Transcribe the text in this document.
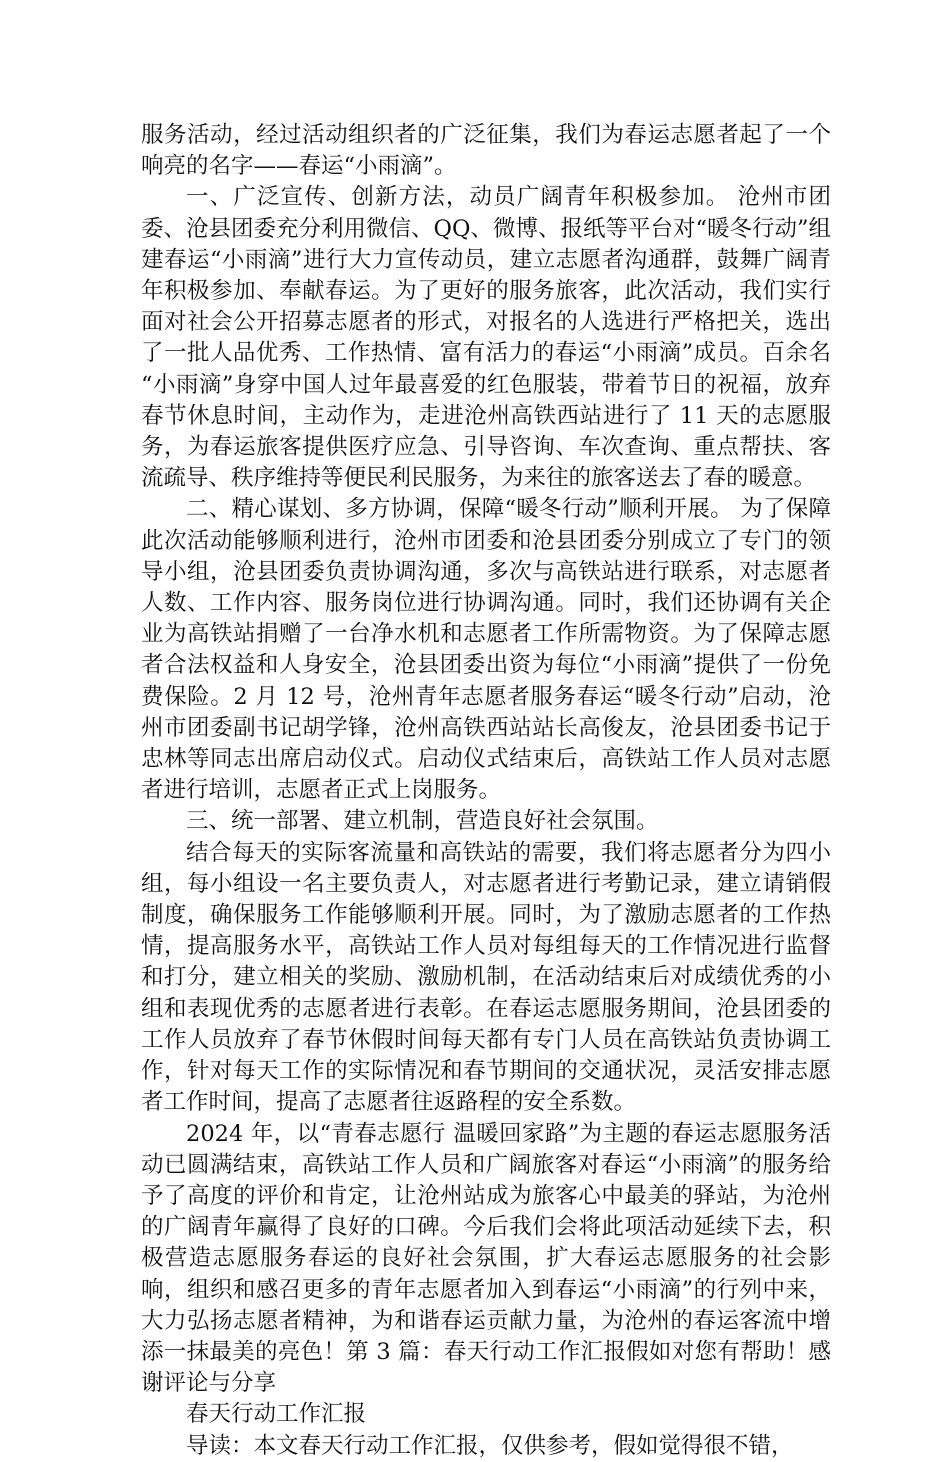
服务活动，经过活动组织者的广泛征集，我们为春运志愿者起了一个响亮的名字——春运“小雨滴”。

一、广泛宣传、创新方法，动员广阔青年积极参加。 沧州市团委、沧县团委充分利用微信、QQ、微博、报纸等平台对“暖冬行动”组建春运“小雨滴”进行大力宣传动员，建立志愿者沟通群，鼓舞广阔青年积极参加、奉献春运。为了更好的服务旅客，此次活动，我们实行面对社会公开招募志愿者的形式，对报名的人选进行严格把关，选出了一批人品优秀、工作热情、富有活力的春运“小雨滴”成员。百余名 “小雨滴”身穿中国人过年最喜爱的红色服装，带着节日的祝福，放弃春节休息时间，主动作为，走进沧州高铁西站进行了 11 天的志愿服务，为春运旅客提供医疗应急、引导咨询、车次查询、重点帮扶、客流疏导、秩序维持等便民利民服务，为来往的旅客送去了春的暖意。

二、精心谋划、多方协调，保障“暖冬行动”顺利开展。 为了保障此次活动能够顺利进行，沧州市团委和沧县团委分别成立了专门的领导小组，沧县团委负责协调沟通，多次与高铁站进行联系，对志愿者人数、工作内容、服务岗位进行协调沟通。同时，我们还协调有关企业为高铁站捐赠了一台净水机和志愿者工作所需物资。为了保障志愿者合法权益和人身安全，沧县团委出资为每位“小雨滴”提供了一份免费保险。2 月 12 号，沧州青年志愿者服务春运“暖冬行动”启动，沧州市团委副书记胡学锋，沧州高铁西站站长高俊友，沧县团委书记于忠林等同志出席启动仪式。启动仪式结束后，高铁站工作人员对志愿者进行培训，志愿者正式上岗服务。

三、统一部署、建立机制，营造良好社会氛围。

结合每天的实际客流量和高铁站的需要，我们将志愿者分为四小组，每小组设一名主要负责人，对志愿者进行考勤记录，建立请销假制度，确保服务工作能够顺利开展。同时，为了激励志愿者的工作热情，提高服务水平，高铁站工作人员对每组每天的工作情况进行监督和打分，建立相关的奖励、激励机制，在活动结束后对成绩优秀的小组和表现优秀的志愿者进行表彰。在春运志愿服务期间，沧县团委的工作人员放弃了春节休假时间每天都有专门人员在高铁站负责协调工作，针对每天工作的实际情况和春节期间的交通状况，灵活安排志愿者工作时间，提高了志愿者往返路程的安全系数。

2024 年，以“青春志愿行 温暖回家路”为主题的春运志愿服务活动已圆满结束，高铁站工作人员和广阔旅客对春运“小雨滴”的服务给予了高度的评价和肯定，让沧州站成为旅客心中最美的驿站，为沧州的广阔青年赢得了良好的口碑。今后我们会将此项活动延续下去，积极营造志愿服务春运的良好社会氛围，扩大春运志愿服务的社会影响，组织和感召更多的青年志愿者加入到春运“小雨滴”的行列中来，大力弘扬志愿者精神，为和谐春运贡献力量，为沧州的春运客流中增添一抹最美的亮色！第 3 篇：春天行动工作汇报假如对您有帮助！感谢评论与分享

春天行动工作汇报

导读：本文春天行动工作汇报，仅供参考，假如觉得很不错，
